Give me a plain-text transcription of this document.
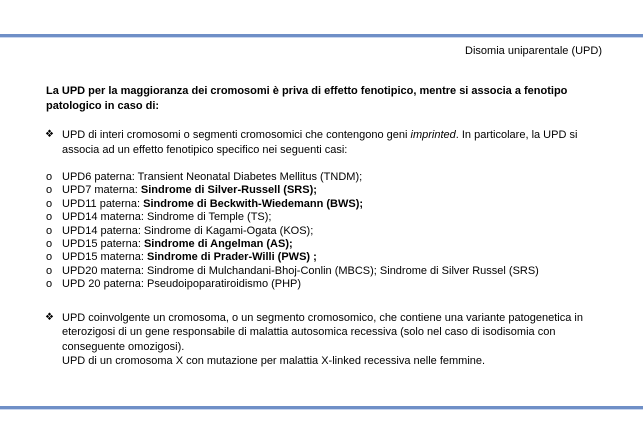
Disomia uniparentale (UPD)

La UPD per la maggioranza dei cromosomi è priva di effetto fenotipico, mentre si associa a fenotipo patologico in caso di:

❖ UPD di interi cromosomi o segmenti cromosomici che contengono geni imprinted. In particolare, la UPD si associa ad un effetto fenotipico specifico nei seguenti casi:
o UPD6 paterna: Transient Neonatal Diabetes Mellitus (TNDM);
o UPD7 materna: Sindrome di Silver-Russell (SRS);
o UPD11 paterna: Sindrome di Beckwith-Wiedemann (BWS);
o UPD14 materna: Sindrome di Temple (TS);
o UPD14 paterna: Sindrome di Kagami-Ogata (KOS);
o UPD15 paterna: Sindrome di Angelman (AS);
o UPD15 materna: Sindrome di Prader-Willi (PWS) ;
o UPD20 materna: Sindrome di Mulchandani-Bhoj-Conlin (MBCS); Sindrome di Silver Russel (SRS)
o UPD 20 paterna: Pseudoipoparatiroidismo (PHP)
❖ UPD coinvolgente un cromosoma, o un segmento cromosomico, che contiene una variante patogenetica in eterozigosi di un gene responsabile di malattia autosomica recessiva (solo nel caso di isodisomia con conseguente omozigosi).

UPD di un cromosoma X con mutazione per malattia X-linked recessiva nelle femmine.
